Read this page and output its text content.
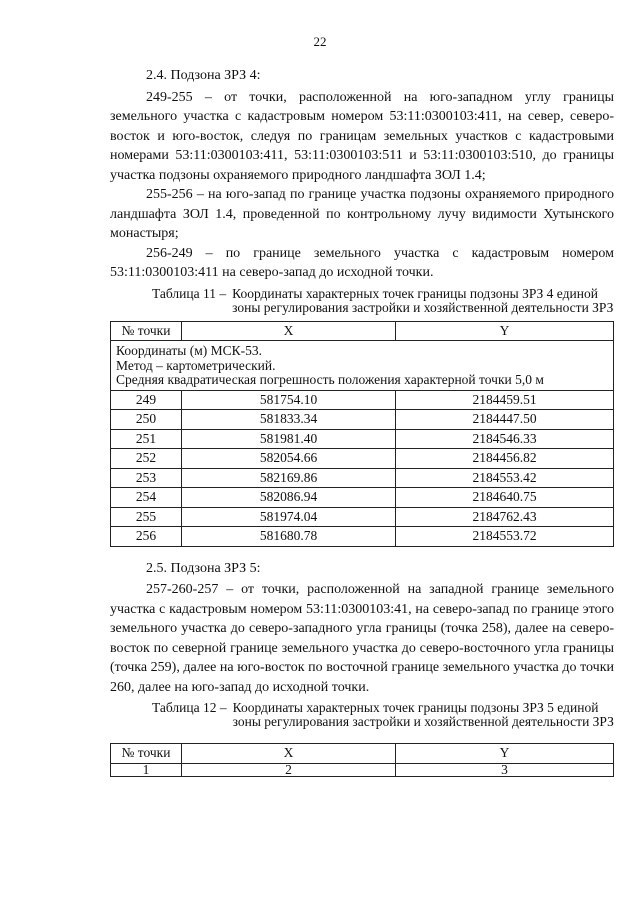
22

2.4. Подзона ЗРЗ 4:

249-255 – от точки, расположенной на юго-западном углу границы земельного участка с кадастровым номером 53:11:0300103:411, на север, северо-восток и юго-восток, следуя по границам земельных участков с кадастровыми номерами 53:11:0300103:411, 53:11:0300103:511 и 53:11:0300103:510, до границы участка подзоны охраняемого природного ландшафта ЗОЛ 1.4;

255-256 – на юго-запад по границе участка подзоны охраняемого природного ландшафта ЗОЛ 1.4, проведенной по контрольному лучу видимости Хутынского монастыря;

256-249 – по границе земельного участка с кадастровым номером 53:11:0300103:411 на северо-запад до исходной точки.

Таблица 11 – Координаты характерных точек границы подзоны ЗРЗ 4 единой зоны регулирования застройки и хозяйственной деятельности ЗРЗ
№ точки	X	Y

Координаты (м) МСК-53.
Метод – картометрический.
Средняя квадратическая погрешность положения характерной точки 5,0 м		

249	581754.10	2184459.51
250	581833.34	2184447.50
251	581981.40	2184546.33
252	582054.66	2184456.82
253	582169.86	2184553.42
254	582086.94	2184640.75
255	581974.04	2184762.43
256	581680.78	2184553.72

2.5. Подзона ЗРЗ 5:

257-260-257 – от точки, расположенной на западной границе земельного участка с кадастровым номером 53:11:0300103:41, на северо-запад по границе этого земельного участка до северо-западного угла границы (точка 258), далее на северо-восток по северной границе земельного участка до северо-восточного угла границы (точка 259), далее на юго-восток по восточной границе земельного участка до точки 260, далее на юго-запад до исходной точки.

Таблица 12 – Координаты характерных точек границы подзоны ЗРЗ 5 единой зоны регулирования застройки и хозяйственной деятельности ЗРЗ
№ точки	X	Y
1	2	3
